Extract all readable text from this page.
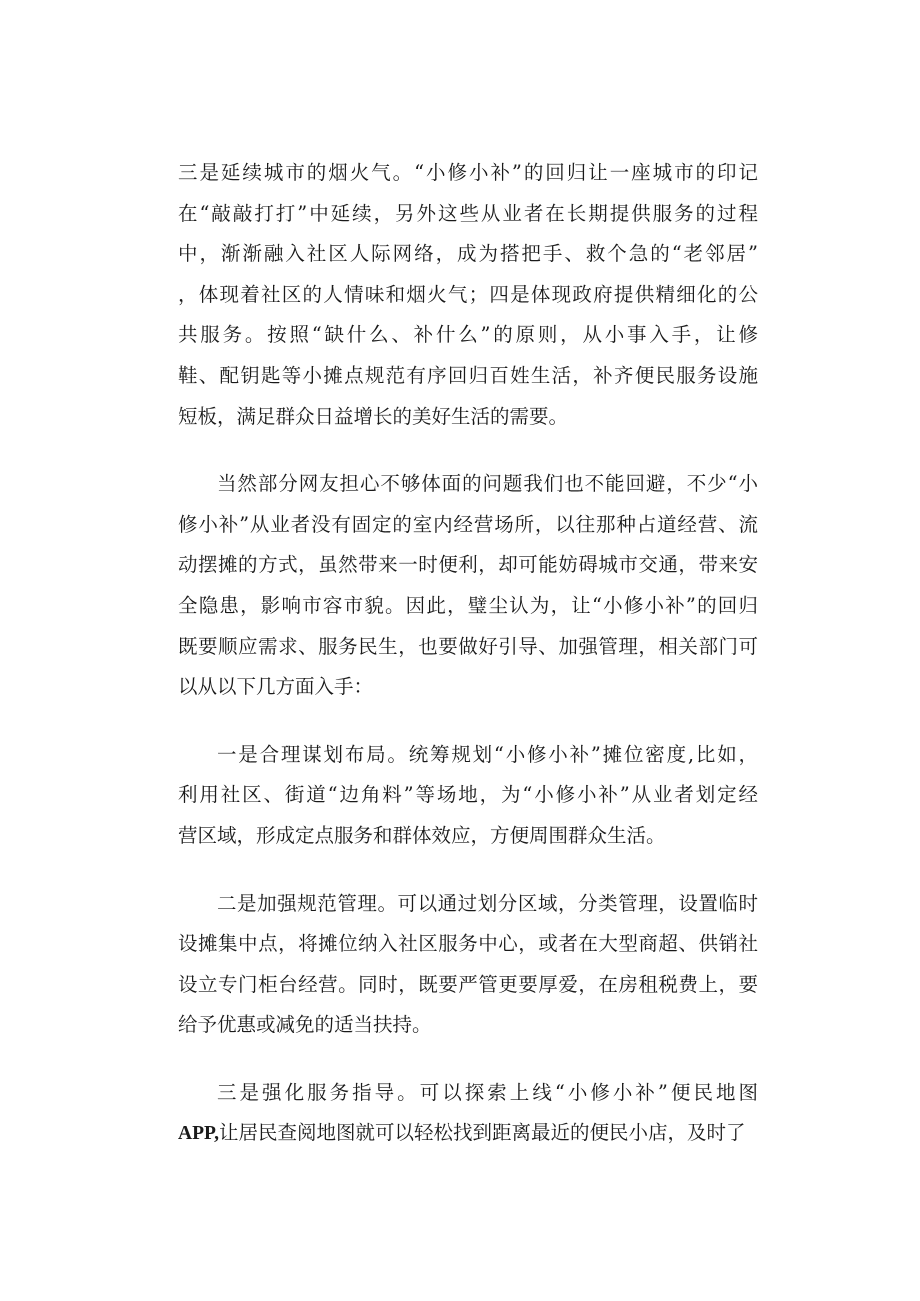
三是延续城市的烟火气。“小修小补”的回归让一座城市的印记
在“敲敲打打”中延续，另外这些从业者在长期提供服务的过程
中，渐渐融入社区人际网络，成为搭把手、救个急的“老邻居”
，体现着社区的人情味和烟火气；四是体现政府提供精细化的公
共服务。按照“缺什么、补什么”的原则，从小事入手，让修
鞋、配钥匙等小摊点规范有序回归百姓生活，补齐便民服务设施
短板，满足群众日益增长的美好生活的需要。
当然部分网友担心不够体面的问题我们也不能回避，不少“小
修小补”从业者没有固定的室内经营场所，以往那种占道经营、流
动摆摊的方式，虽然带来一时便利，却可能妨碍城市交通，带来安
全隐患，影响市容市貌。因此，璧尘认为，让“小修小补”的回归
既要顺应需求、服务民生，也要做好引导、加强管理，相关部门可
以从以下几方面入手：
一是合理谋划布局。统筹规划“小修小补”摊位密度,比如，
利用社区、街道“边角料”等场地，为“小修小补”从业者划定经
营区域，形成定点服务和群体效应，方便周围群众生活。
二是加强规范管理。可以通过划分区域，分类管理，设置临时
设摊集中点，将摊位纳入社区服务中心，或者在大型商超、供销社
设立专门柜台经营。同时，既要严管更要厚爱，在房租税费上，要
给予优惠或减免的适当扶持。
三是强化服务指导。可以探索上线“小修小补”便民地图
APP,让居民查阅地图就可以轻松找到距离最近的便民小店，及时了
